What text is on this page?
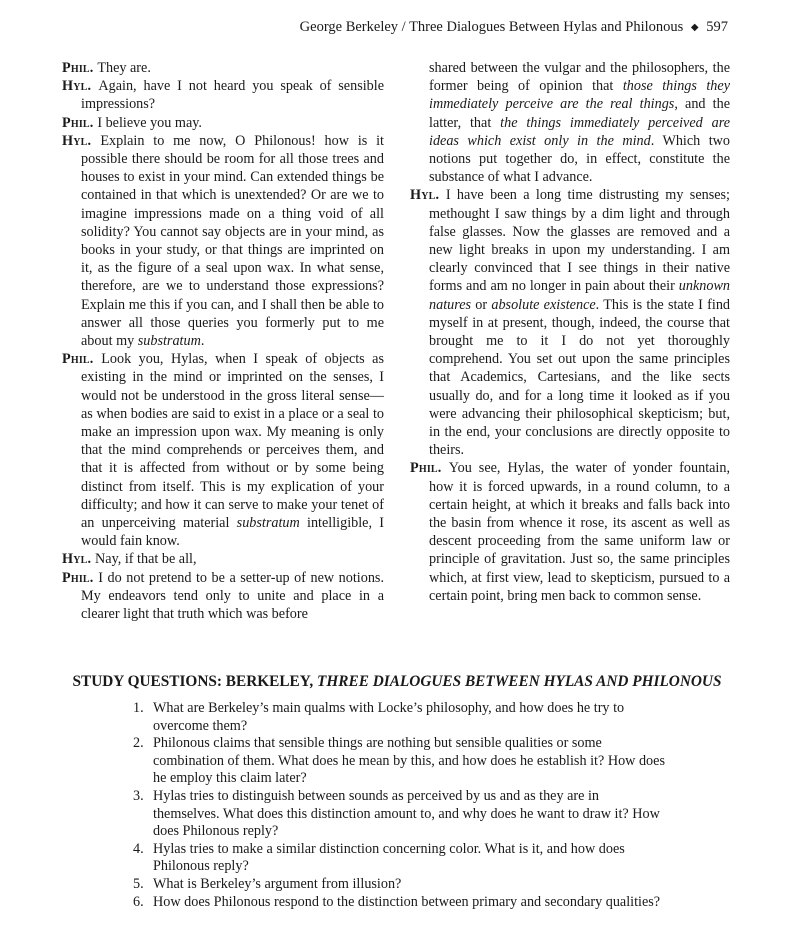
George Berkeley / Three Dialogues Between Hylas and Philonous ◆ 597

Phil. They are.

Hyl. Again, have I not heard you speak of sensible impressions?

Phil. I believe you may.

Hyl. Explain to me now, O Philonous! how is it possible there should be room for all those trees and houses to exist in your mind. Can extended things be contained in that which is unextended? Or are we to imagine impressions made on a thing void of all solidity? You cannot say objects are in your mind, as books in your study, or that things are imprinted on it, as the figure of a seal upon wax. In what sense, therefore, are we to understand those expressions? Explain me this if you can, and I shall then be able to answer all those queries you formerly put to me about my substratum.

Phil. Look you, Hylas, when I speak of objects as existing in the mind or imprinted on the senses, I would not be understood in the gross literal sense—as when bodies are said to exist in a place or a seal to make an impression upon wax. My meaning is only that the mind comprehends or perceives them, and that it is affected from without or by some being distinct from itself. This is my explication of your difficulty; and how it can serve to make your tenet of an unperceiving material substratum intelligible, I would fain know.

Hyl. Nay, if that be all,

Phil. I do not pretend to be a setter-up of new notions. My endeavors tend only to unite and place in a clearer light that truth which was before

shared between the vulgar and the philosophers, the former being of opinion that those things they immediately perceive are the real things, and the latter, that the things immediately perceived are ideas which exist only in the mind. Which two notions put together do, in effect, constitute the substance of what I advance.

Hyl. I have been a long time distrusting my senses; methought I saw things by a dim light and through false glasses. Now the glasses are removed and a new light breaks in upon my understanding. I am clearly convinced that I see things in their native forms and am no longer in pain about their unknown natures or absolute existence. This is the state I find myself in at present, though, indeed, the course that brought me to it I do not yet thoroughly comprehend. You set out upon the same principles that Academics, Cartesians, and the like sects usually do, and for a long time it looked as if you were advancing their philosophical skepticism; but, in the end, your conclusions are directly opposite to theirs.

Phil. You see, Hylas, the water of yonder fountain, how it is forced upwards, in a round column, to a certain height, at which it breaks and falls back into the basin from whence it rose, its ascent as well as descent proceeding from the same uniform law or principle of gravitation. Just so, the same principles which, at first view, lead to skepticism, pursued to a certain point, bring men back to common sense.

STUDY QUESTIONS: BERKELEY, THREE DIALOGUES BETWEEN HYLAS AND PHILONOUS
1. What are Berkeley’s main qualms with Locke’s philosophy, and how does he try to overcome them?
2. Philonous claims that sensible things are nothing but sensible qualities or some combination of them. What does he mean by this, and how does he establish it? How does he employ this claim later?
3. Hylas tries to distinguish between sounds as perceived by us and as they are in themselves. What does this distinction amount to, and why does he want to draw it? How does Philonous reply?
4. Hylas tries to make a similar distinction concerning color. What is it, and how does Philonous reply?
5. What is Berkeley’s argument from illusion?
6. How does Philonous respond to the distinction between primary and secondary qualities?
